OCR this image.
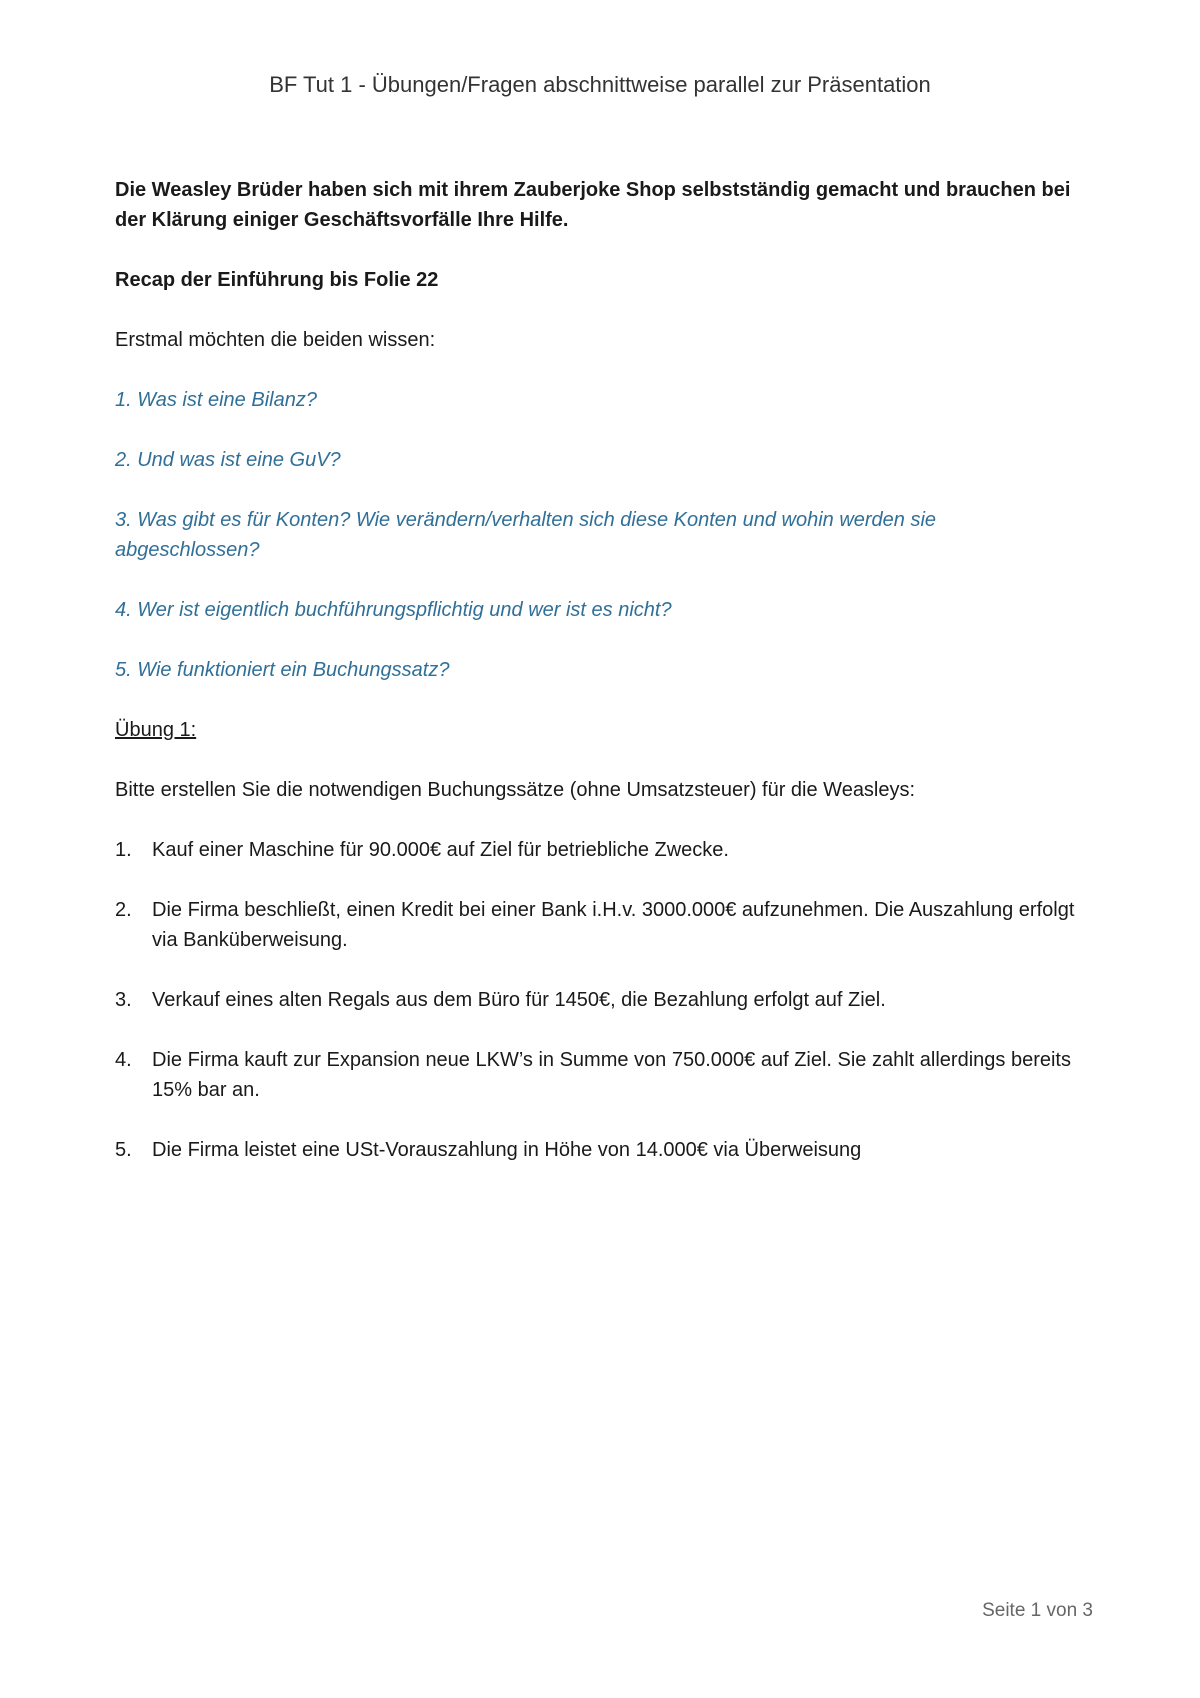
BF Tut 1 - Übungen/Fragen abschnittweise parallel zur Präsentation

Die Weasley Brüder haben sich mit ihrem Zauberjoke Shop selbstständig gemacht und brauchen bei der Klärung einiger Geschäftsvorfälle Ihre Hilfe.

Recap der Einführung bis Folie 22

Erstmal möchten die beiden wissen:

1. Was ist eine Bilanz?

2. Und was ist eine GuV?

3. Was gibt es für Konten? Wie verändern/verhalten sich diese Konten und wohin werden sie abgeschlossen?

4. Wer ist eigentlich buchführungspflichtig und wer ist es nicht?

5. Wie funktioniert ein Buchungssatz?

Übung 1:

Bitte erstellen Sie die notwendigen Buchungssätze (ohne Umsatzsteuer) für die Weasleys:

1.	Kauf einer Maschine für 90.000€ auf Ziel für betriebliche Zwecke.
2.	Die Firma beschließt, einen Kredit bei einer Bank i.H.v. 3000.000€ aufzunehmen. Die Auszahlung erfolgt via Banküberweisung.
3.	Verkauf eines alten Regals aus dem Büro für 1450€, die Bezahlung erfolgt auf Ziel.
4.	Die Firma kauft zur Expansion neue LKW’s in Summe von 750.000€ auf Ziel. Sie zahlt allerdings bereits 15% bar an.
5.	Die Firma leistet eine USt-Vorauszahlung in Höhe von 14.000€ via Überweisung
Seite 1 von 3
